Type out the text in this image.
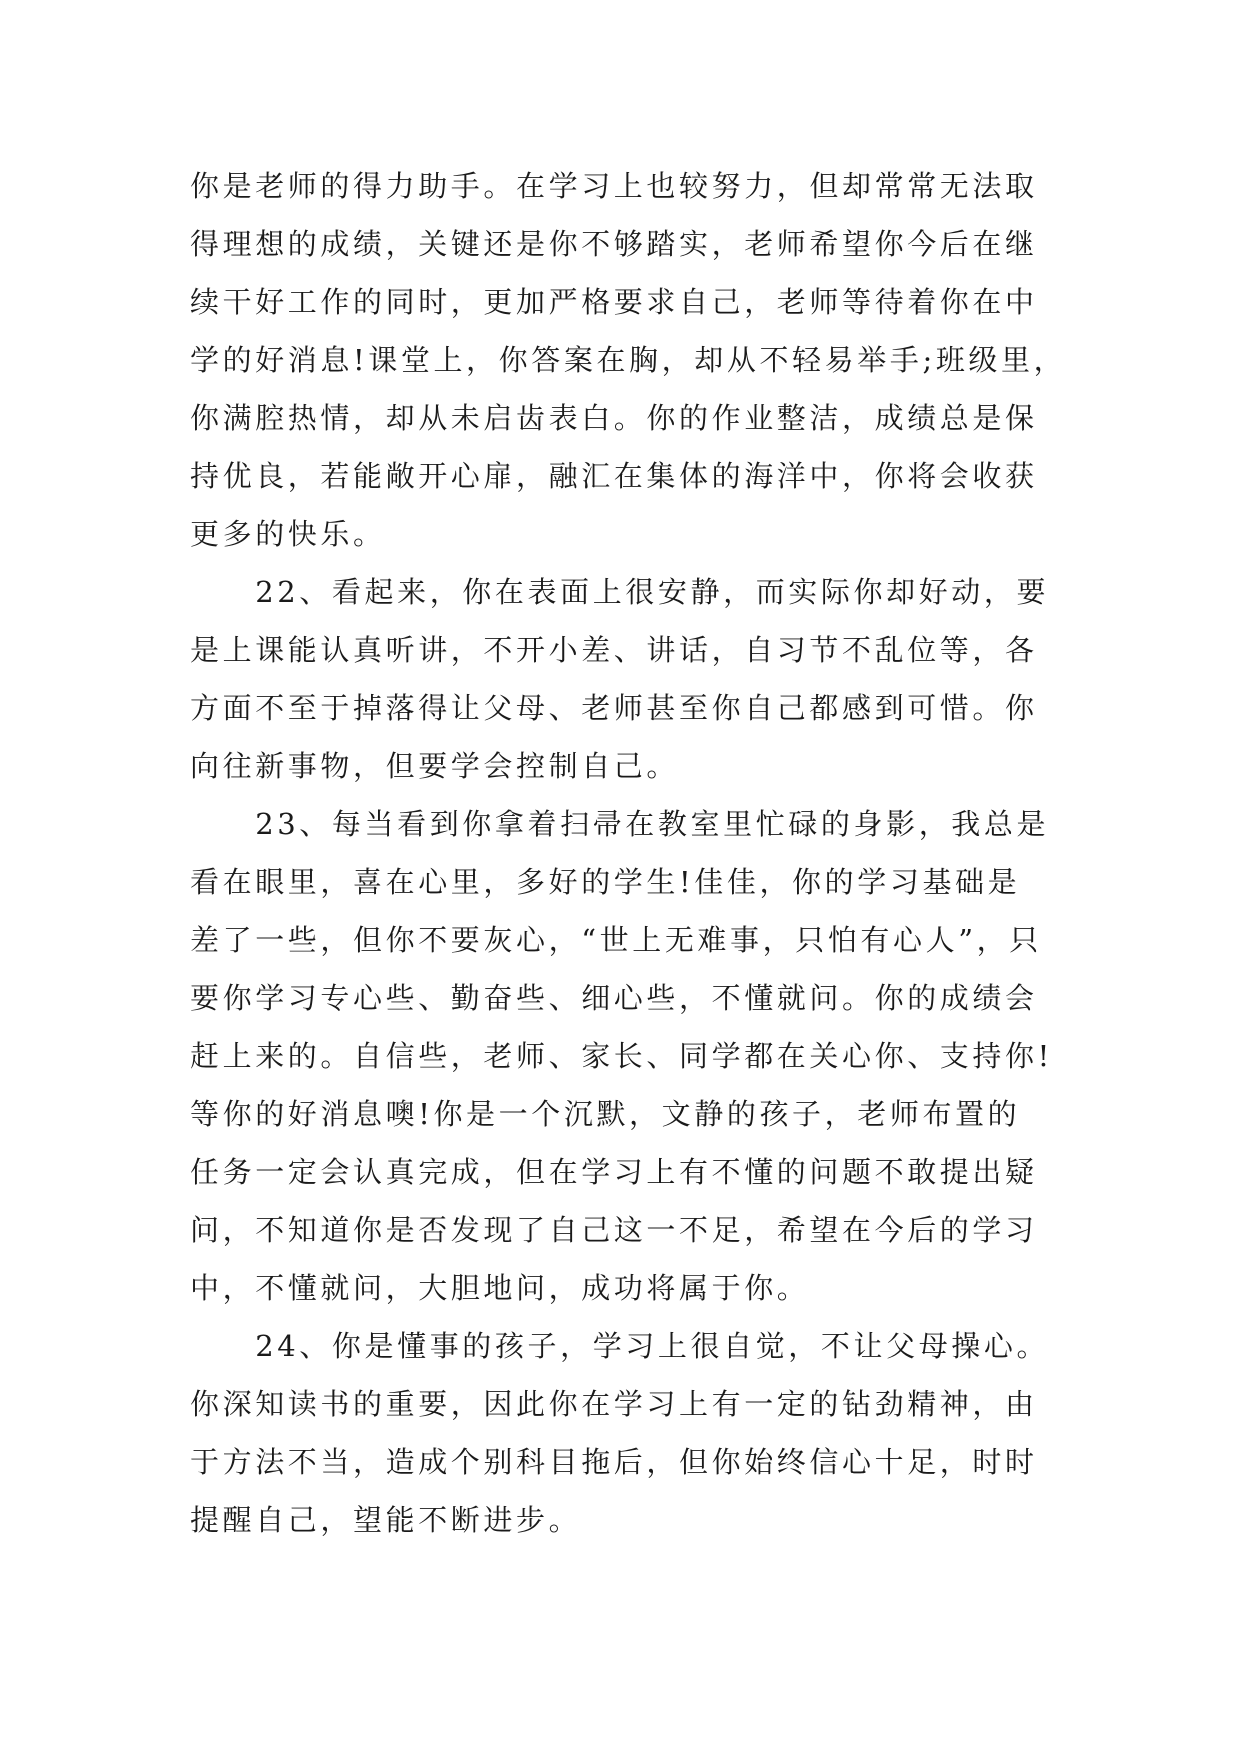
你是老师的得力助手。在学习上也较努力，但却常常无法取
得理想的成绩，关键还是你不够踏实，老师希望你今后在继
续干好工作的同时，更加严格要求自己，老师等待着你在中
学的好消息!课堂上，你答案在胸，却从不轻易举手;班级里，
你满腔热情，却从未启齿表白。你的作业整洁，成绩总是保
持优良，若能敞开心扉，融汇在集体的海洋中，你将会收获
更多的快乐。
　　22、看起来，你在表面上很安静，而实际你却好动，要
是上课能认真听讲，不开小差、讲话，自习节不乱位等，各
方面不至于掉落得让父母、老师甚至你自己都感到可惜。你
向往新事物，但要学会控制自己。
　　23、每当看到你拿着扫帚在教室里忙碌的身影，我总是
看在眼里，喜在心里，多好的学生!佳佳，你的学习基础是
差了一些，但你不要灰心，“世上无难事，只怕有心人”，只
要你学习专心些、勤奋些、细心些，不懂就问。你的成绩会
赶上来的。自信些，老师、家长、同学都在关心你、支持你!
等你的好消息噢!你是一个沉默，文静的孩子，老师布置的
任务一定会认真完成，但在学习上有不懂的问题不敢提出疑
问，不知道你是否发现了自己这一不足，希望在今后的学习
中，不懂就问，大胆地问，成功将属于你。
　　24、你是懂事的孩子，学习上很自觉，不让父母操心。
你深知读书的重要，因此你在学习上有一定的钻劲精神，由
于方法不当，造成个别科目拖后，但你始终信心十足，时时
提醒自己，望能不断进步。
